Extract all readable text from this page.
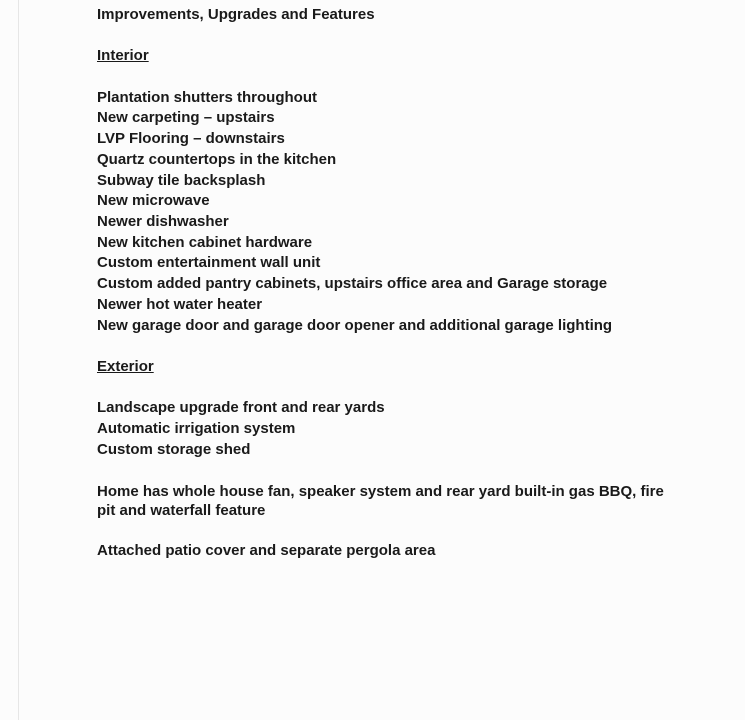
Improvements, Upgrades and Features
Interior
Plantation shutters throughout
New carpeting – upstairs
LVP Flooring – downstairs
Quartz countertops in the kitchen
Subway tile backsplash
New microwave
Newer dishwasher
New kitchen cabinet hardware
Custom entertainment wall unit
Custom added pantry cabinets, upstairs office area and Garage storage
Newer hot water heater
New garage door and garage door opener and additional garage lighting
Exterior
Landscape upgrade front and rear yards
Automatic irrigation system
Custom storage shed
Home has whole house fan, speaker system and rear yard built-in gas BBQ, fire pit and waterfall feature
Attached patio cover and separate pergola area
